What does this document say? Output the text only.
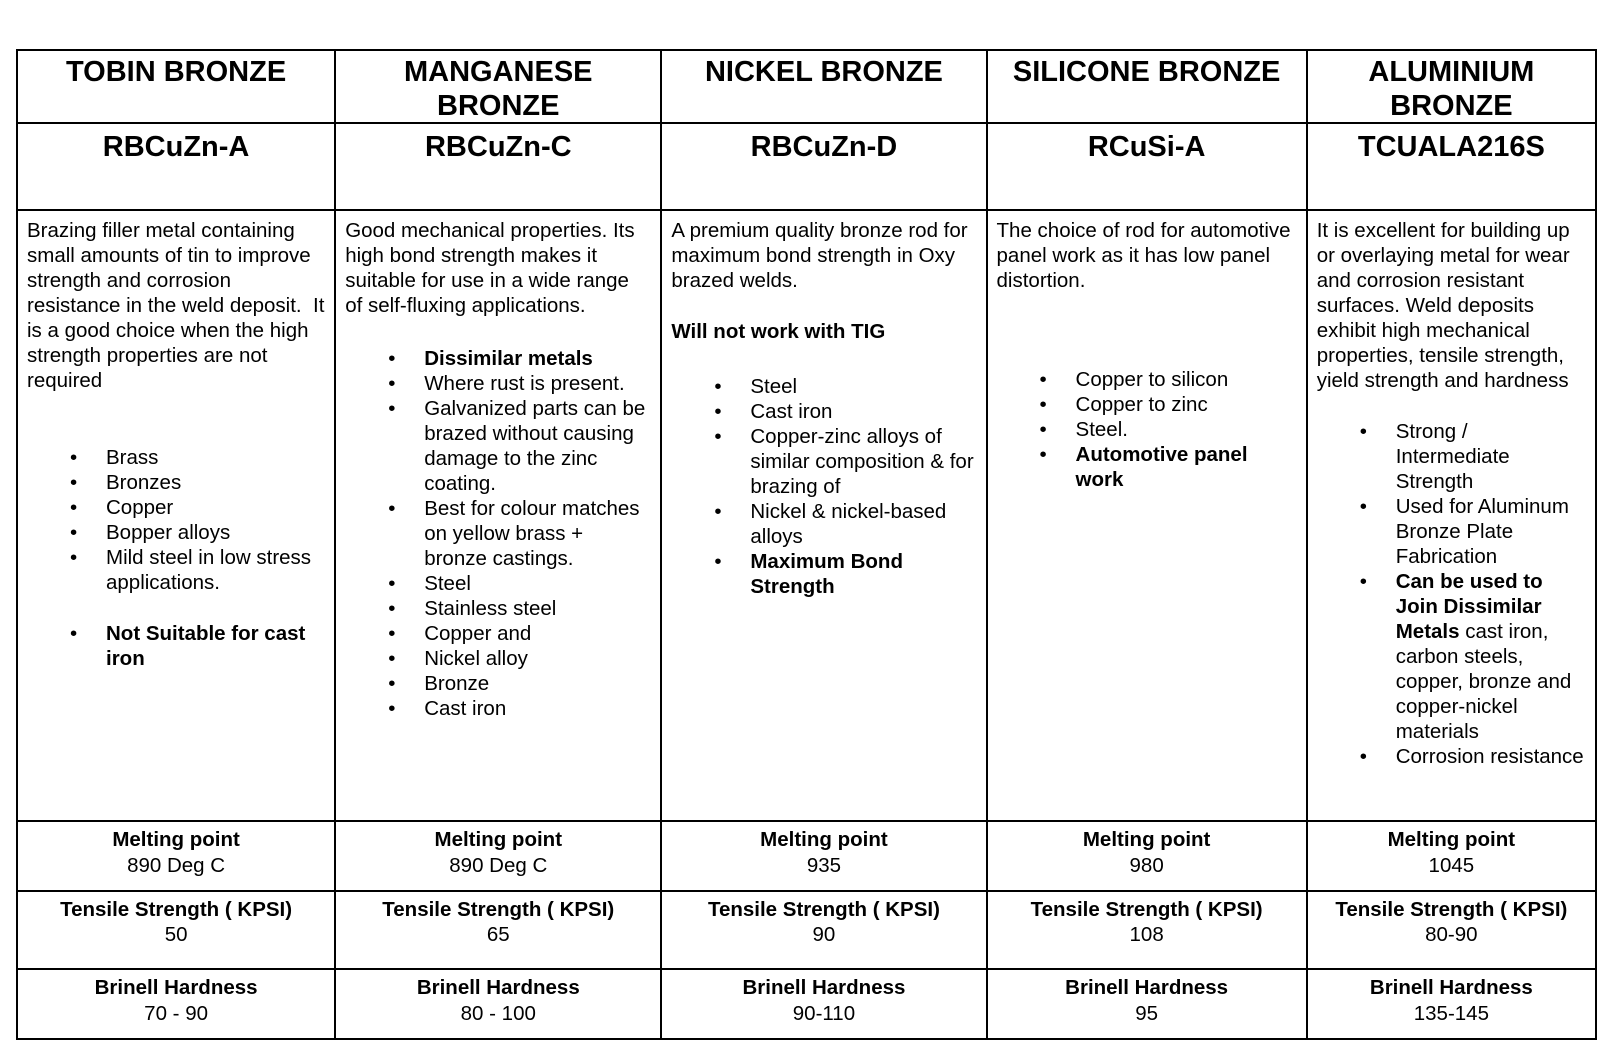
TOBIN BRONZE
RBCuZn-A

Brazing filler metal containing small amounts of tin to improve strength and corrosion resistance in the weld deposit.  It is a good choice when the high strength properties are not required

• Brass
• Bronzes
• Copper
• Bopper alloys
• Mild steel in low stress applications.
• Not Suitable for cast iron
Melting point
890 Deg C
Tensile Strength ( KPSI)
50
Brinell Hardness
70 - 90
MANGANESE BRONZE
RBCuZn-C

Good mechanical properties. Its high bond strength makes it suitable for use in a wide range of self-fluxing applications.

• Dissimilar metals
• Where rust is present.
• Galvanized parts can be brazed without causing damage to the zinc coating.
• Best for colour matches on yellow brass + bronze castings.
• Steel
• Stainless steel
• Copper and
• Nickel alloy
• Bronze
• Cast iron
Melting point
890 Deg C
Tensile Strength ( KPSI)
65
Brinell Hardness
80 - 100
NICKEL BRONZE
RBCuZn-D

A premium quality bronze rod for maximum bond strength in Oxy brazed welds.

Will not work with TIG

• Steel
• Cast iron
• Copper-zinc alloys of similar composition & for brazing of
• Nickel & nickel-based alloys
• Maximum Bond Strength
Melting point
935
Tensile Strength ( KPSI)
90
Brinell Hardness
90-110
SILICONE BRONZE
RCuSi-A

The choice of rod for automotive panel work as it has low panel distortion.

• Copper to silicon
• Copper to zinc
• Steel.
• Automotive panel work
Melting point
980
Tensile Strength ( KPSI)
108
Brinell Hardness
95
ALUMINIUM BRONZE
TCUALA216S

It is excellent for building up or overlaying metal for wear and corrosion resistant surfaces. Weld deposits exhibit high mechanical properties, tensile strength, yield strength and hardness

• Strong / Intermediate Strength
• Used for Aluminum Bronze Plate Fabrication
• Can be used to Join Dissimilar Metals cast iron, carbon steels, copper, bronze and copper-nickel materials
• Corrosion resistance
Melting point
1045
Tensile Strength ( KPSI)
80-90
Brinell Hardness
135-145
